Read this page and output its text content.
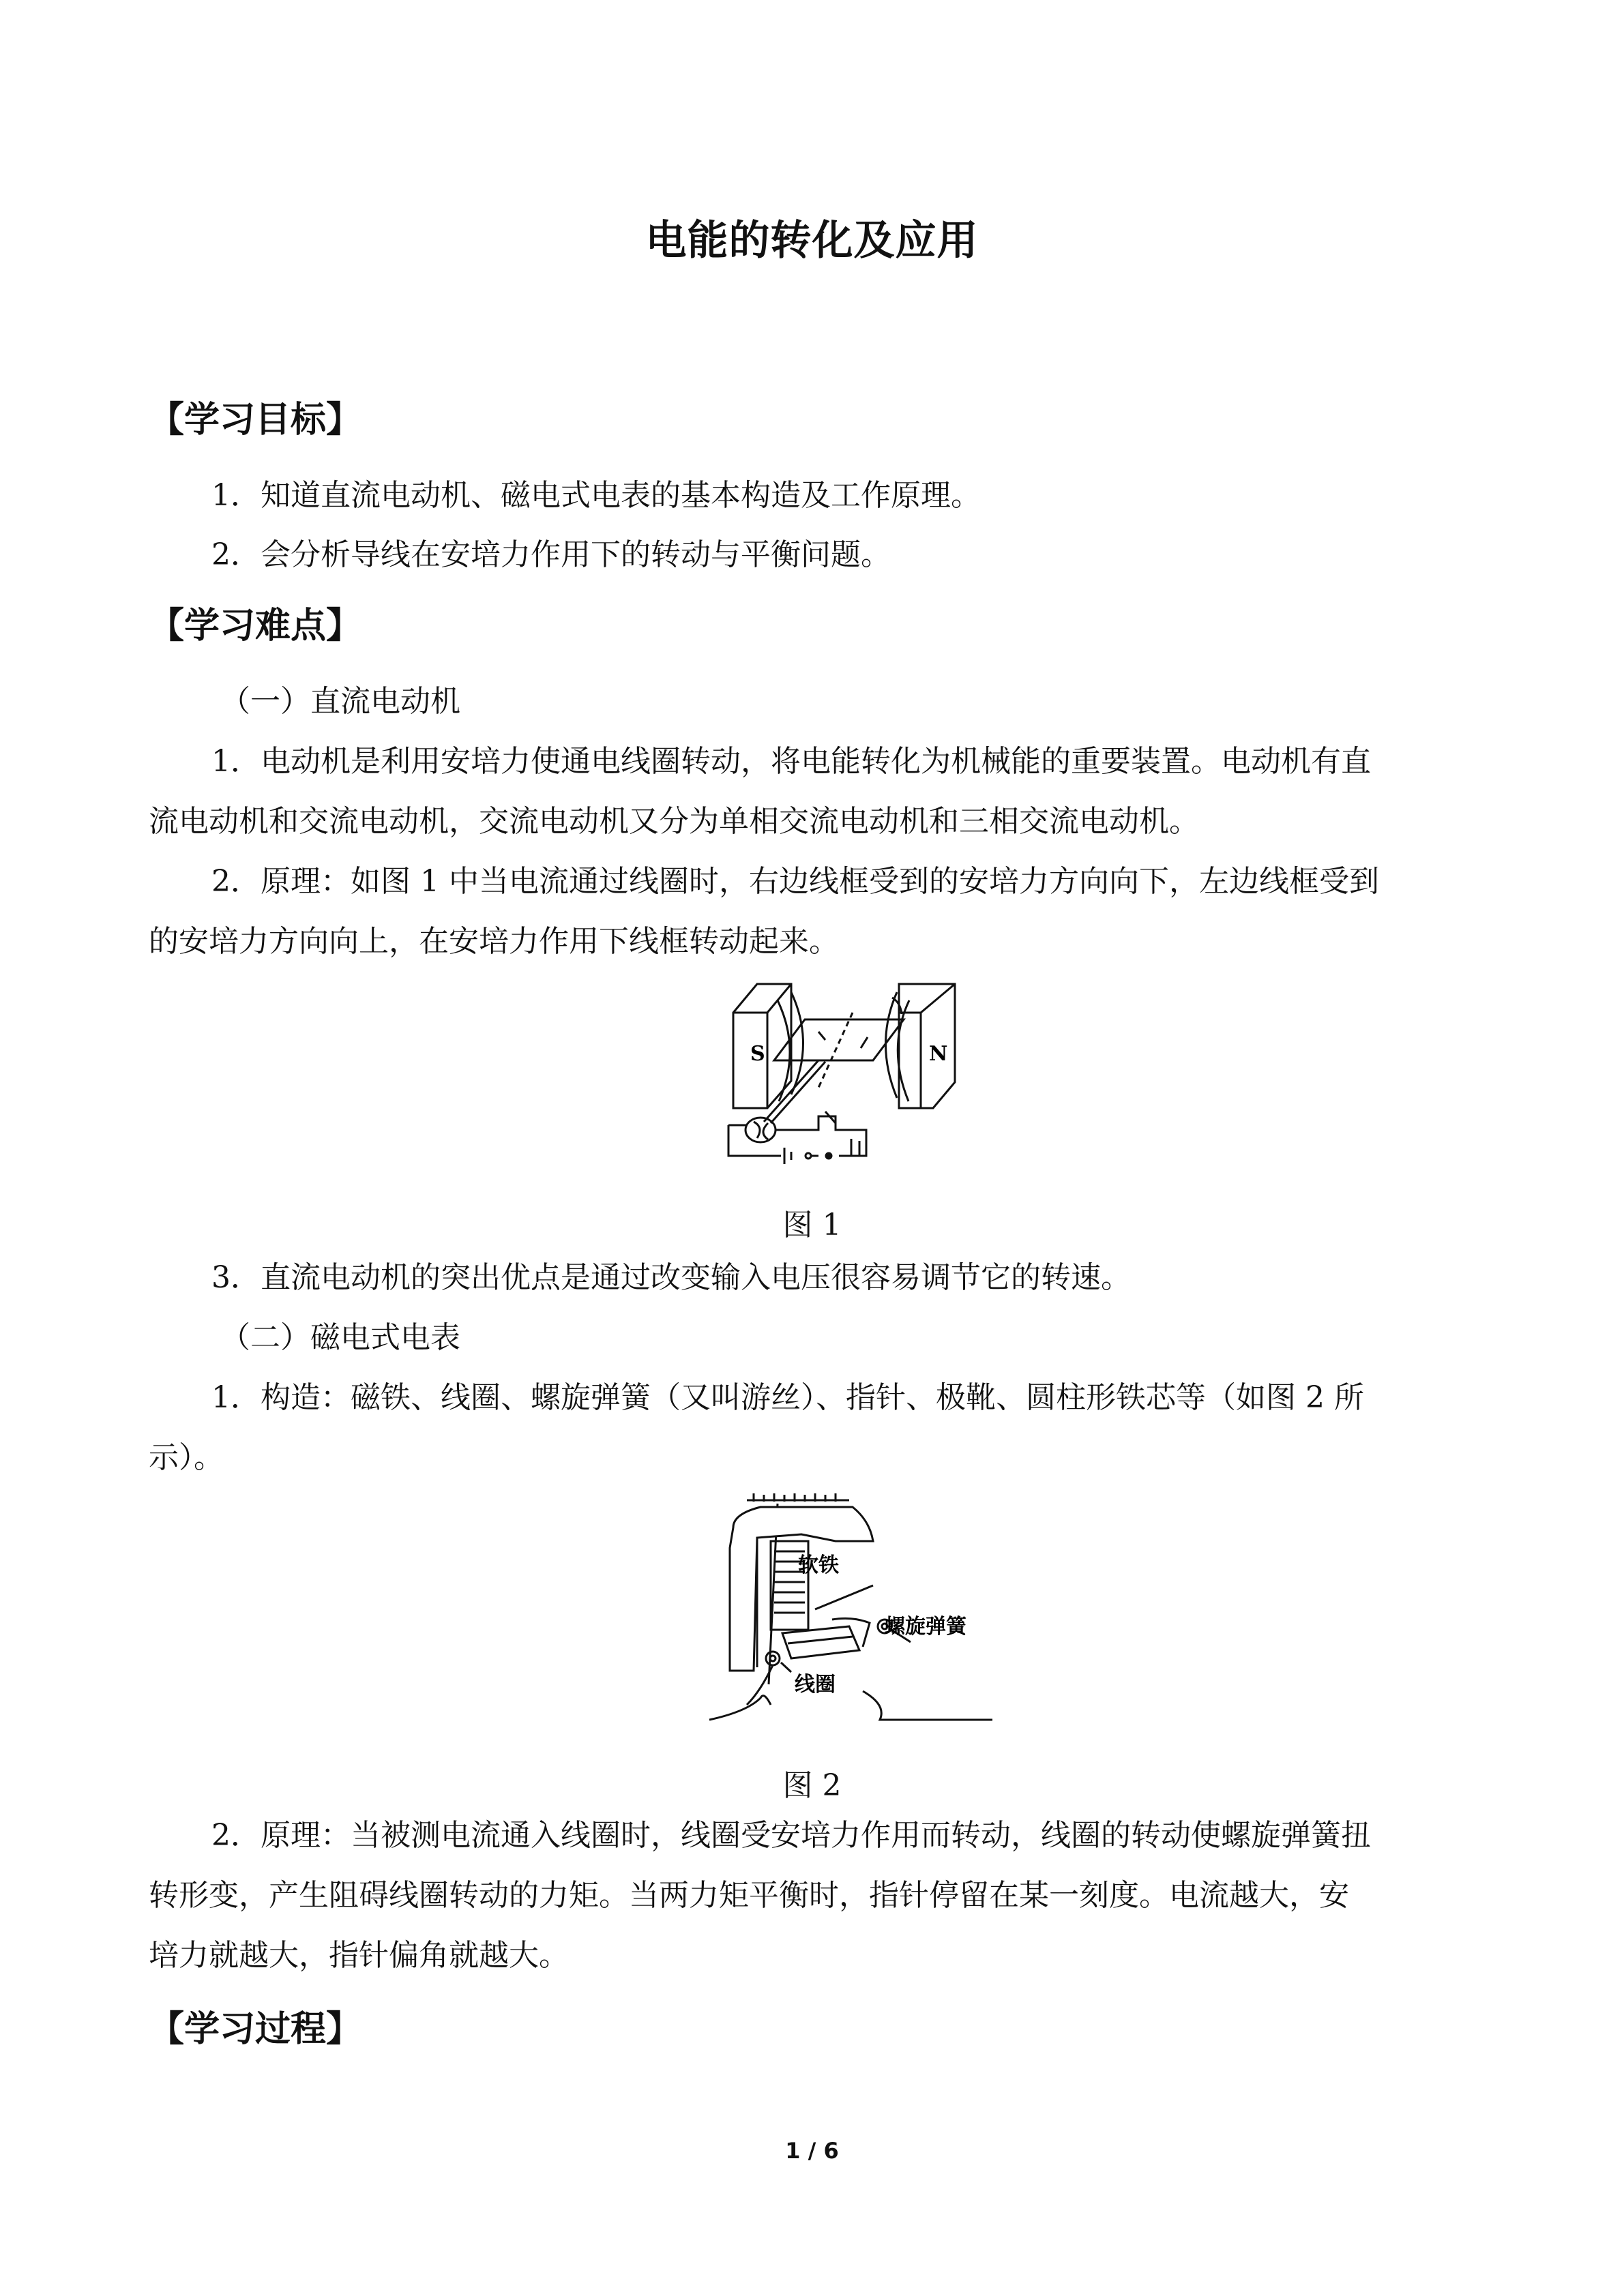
电能的转化及应用
【学习目标】
1．知道直流电动机、磁电式电表的基本构造及工作原理。
2．会分析导线在安培力作用下的转动与平衡问题。
【学习难点】
（一）直流电动机
1．电动机是利用安培力使通电线圈转动，将电能转化为机械能的重要装置。电动机有直
流电动机和交流电动机，交流电动机又分为单相交流电动机和三相交流电动机。
2．原理：如图 1 中当电流通过线圈时，右边线框受到的安培力方向向下，左边线框受到
的安培力方向向上，在安培力作用下线框转动起来。
S	N
图 1
3．直流电动机的突出优点是通过改变输入电压很容易调节它的转速。
（二）磁电式电表
1．构造：磁铁、线圈、螺旋弹簧（又叫游丝）、指针、极靴、圆柱形铁芯等（如图 2 所
示）。
软铁
螺旋弹簧
线圈
图 2
2．原理：当被测电流通入线圈时，线圈受安培力作用而转动，线圈的转动使螺旋弹簧扭
转形变，产生阻碍线圈转动的力矩。当两力矩平衡时，指针停留在某一刻度。电流越大，安
培力就越大，指针偏角就越大。
【学习过程】
1 / 6
